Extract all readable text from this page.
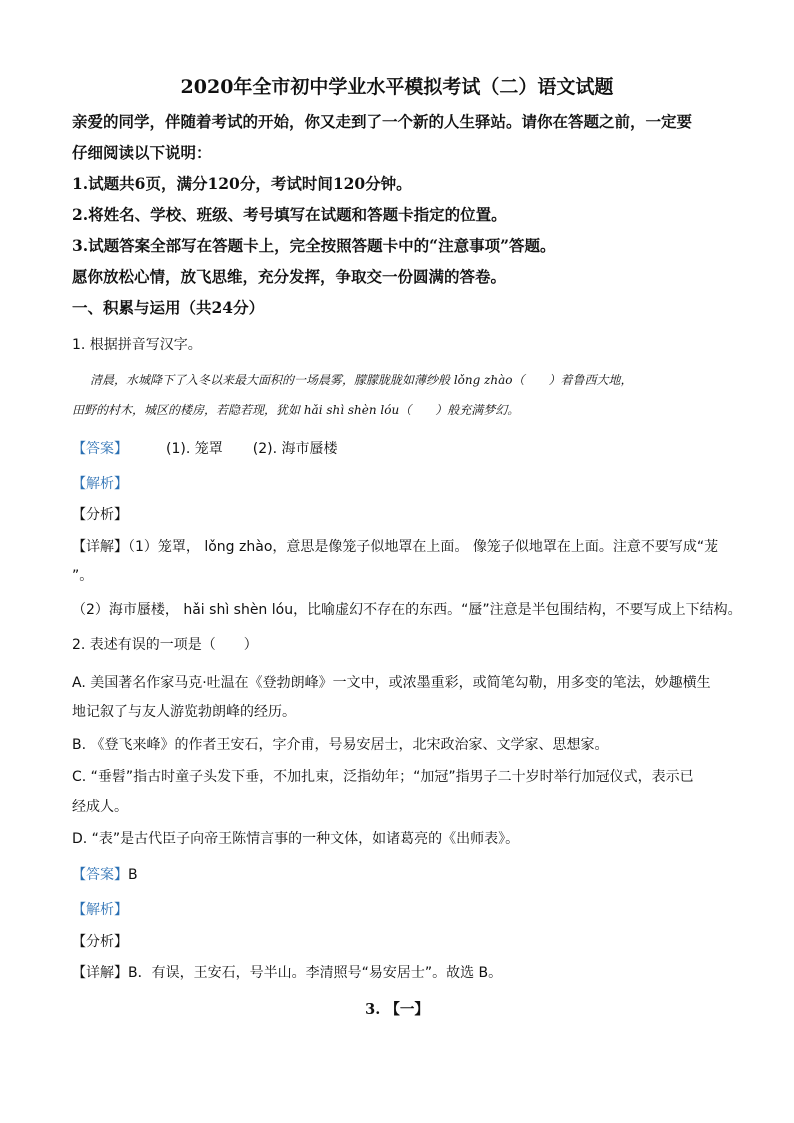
2020年全市初中学业水平模拟考试（二）语文试题
亲爱的同学，伴随着考试的开始，你又走到了一个新的人生驿站。请你在答题之前，一定要
仔细阅读以下说明：
1.试题共6页，满分120分，考试时间120分钟。
2.将姓名、学校、班级、考号填写在试题和答题卡指定的位置。
3.试题答案全部写在答题卡上，完全按照答题卡中的“注意事项”答题。
愿你放松心情，放飞思维，充分发挥，争取交一份圆满的答卷。
一、积累与运用（共24分）
1. 根据拼音写汉字。
清晨，水城降下了入冬以来最大面积的一场晨雾，朦朦胧胧如薄纱般 lǒng zhào（　　）着鲁西大地，
田野的村木，城区的楼房，若隐若现，犹如 hǎi shì shèn lóu（　　）般充满梦幻。
【答案】	(1). 笼罩 (2). 海市蜃楼
【解析】
【分析】
【详解】（1）笼罩， lǒng zhào，意思是像笼子似地罩在上面。 像笼子似地罩在上面。注意不要写成“茏
”。
（2）海市蜃楼， hǎi shì shèn lóu，比喻虚幻不存在的东西。“蜃”注意是半包围结构，不要写成上下结构。
2. 表述有误的一项是（　　）
A. 美国著名作家马克·吐温在《登勃朗峰》一文中，或浓墨重彩，或简笔勾勒，用多变的笔法，妙趣横生
地记叙了与友人游览勃朗峰的经历。
B. 《登飞来峰》的作者王安石，字介甫，号易安居士，北宋政治家、文学家、思想家。
C. “垂髫”指古时童子头发下垂，不加扎束，泛指幼年；“加冠”指男子二十岁时举行加冠仪式，表示已
经成人。
D. “表”是古代臣子向帝王陈情言事的一种文体，如诸葛亮的《出师表》。
【答案】B
【解析】
【分析】
【详解】B．有误，王安石，号半山。李清照号“易安居士”。故选 B。
3. 【一】
